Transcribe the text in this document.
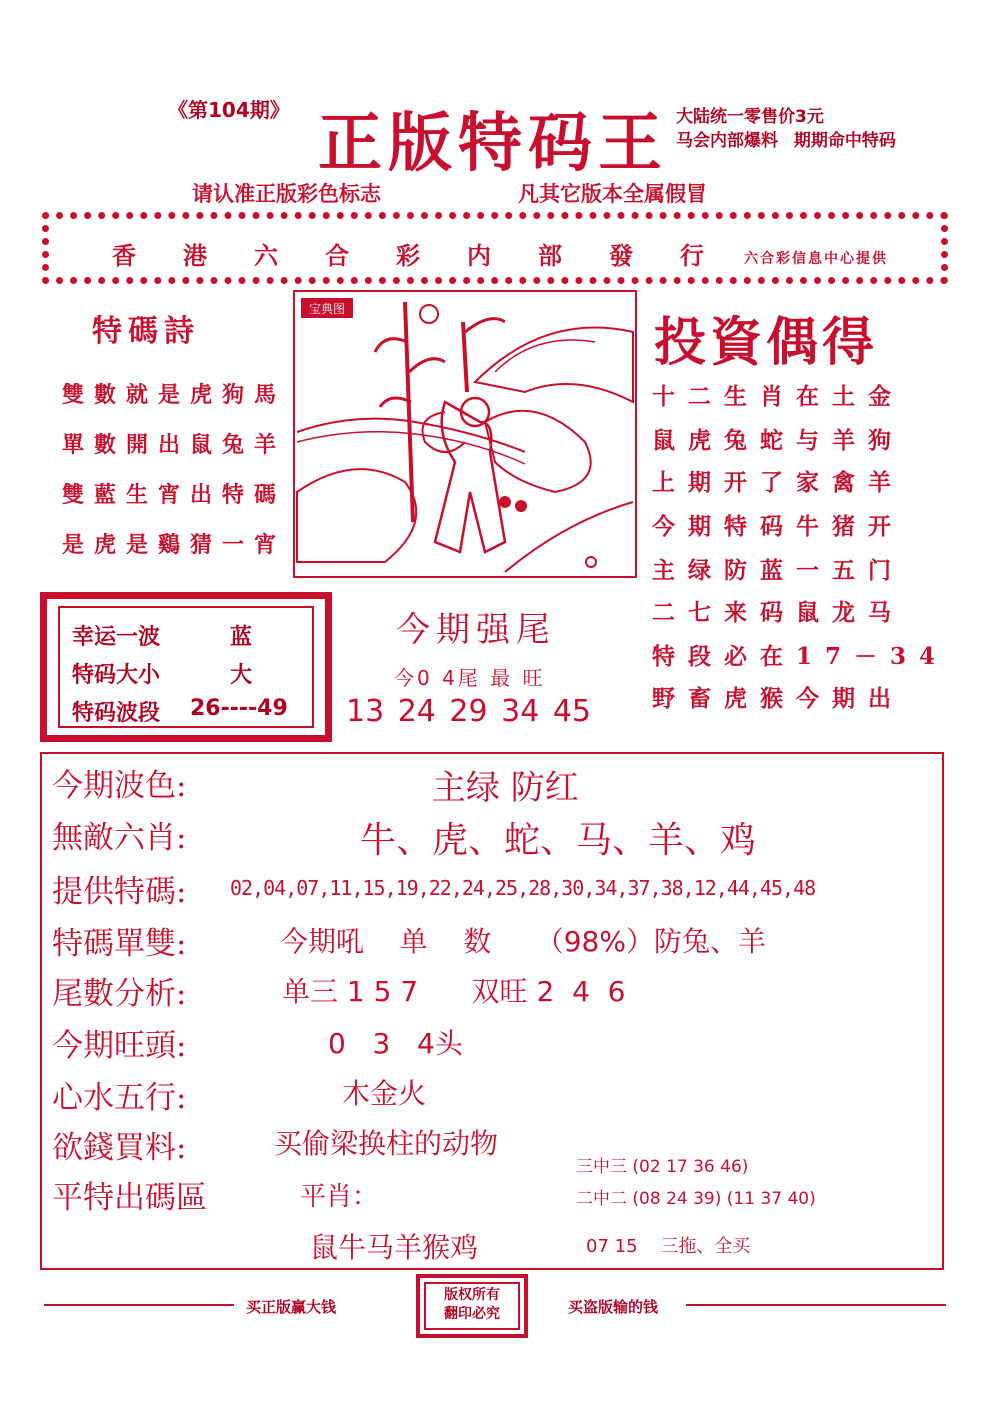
《第104期》 正版特码王 大陆统一零售价3元
马会内部爆料 期期命中特码
请认准正版彩色标志	凡其它版本全属假冒
香港六合彩内部發行
六合彩信息中心提供
特碼詩
雙數就是虎狗馬
單數開出鼠兔羊
雙藍生宵出特碼
是虎是鷄猜一宵
宝典图
投資偶得
十二生肖在土金
鼠虎兔蛇与羊狗
上期开了家禽羊
今期特码牛猪开
主绿防蓝一五门
二七来码鼠龙马
特段必在17－34
野畜虎猴今期出
幸运一波	蓝
特码大小	大
特码波段 26----49
今期强尾
今0 4尾 最 旺
13 24 29 34 45
今期波色:	主绿 防红
無敵六肖:	牛、虎、蛇、马、羊、鸡
提供特碼: 02,04,07,11,15,19,22,24,25,28,30,34,37,38,12,44,45,48
特碼單雙:	今期吼    单    数     （98%）防兔、羊
尾數分析:	单三 1 5 7      双旺 2  4  6
今期旺頭:	0   3   4头
心水五行:	木金火
欲錢買料:	买偷梁换柱的动物
平特出碼區	平肖：
三中三 (02 17 36 46)
二中二 (08 24 39) (11 37 40)
鼠牛马羊猴鸡	07 15    三拖、全买
买正版赢大钱
版权所有
翻印必究	买盗版输的钱
